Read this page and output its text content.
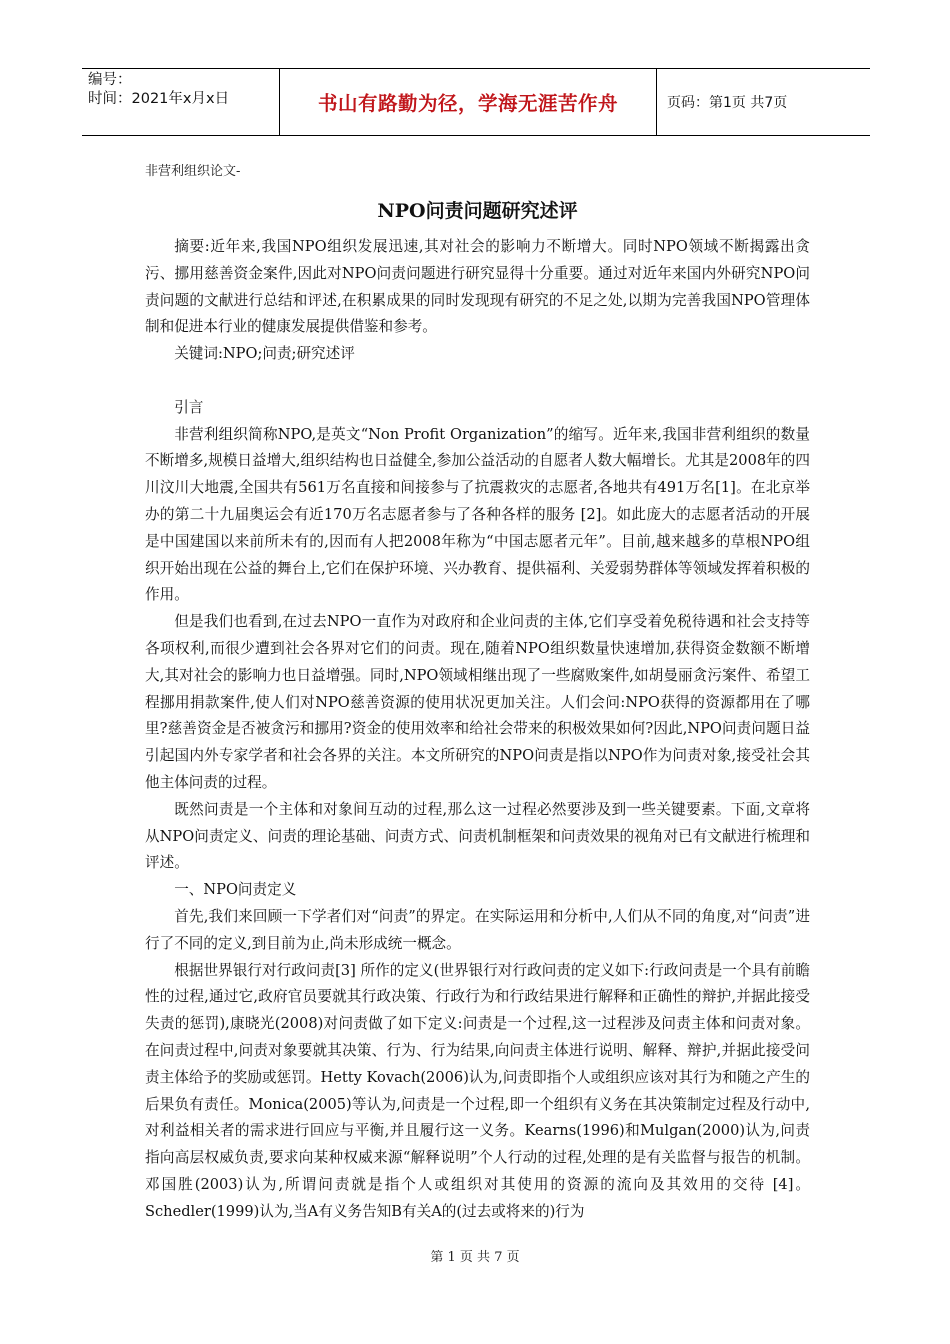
编号：
时间：2021年x月x日	书山有路勤为径，学海无涯苦作舟	页码：第1页 共7页
非营利组织论文-
NPO问责问题研究述评

摘要:近年来,我国NPO组织发展迅速,其对社会的影响力不断增大。同时NPO领域不断揭露出贪污、挪用慈善资金案件,因此对NPO问责问题进行研究显得十分重要。通过对近年来国内外研究NPO问责问题的文献进行总结和评述,在积累成果的同时发现现有研究的不足之处,以期为完善我国NPO管理体制和促进本行业的健康发展提供借鉴和参考。

关键词:NPO;问责;研究述评

引言

非营利组织简称NPO,是英文“Non Profit Organization”的缩写。近年来,我国非营利组织的数量不断增多,规模日益增大,组织结构也日益健全,参加公益活动的自愿者人数大幅增长。尤其是2008年的四川汶川大地震,全国共有561万名直接和间接参与了抗震救灾的志愿者,各地共有491万名[1]。在北京举办的第二十九届奥运会有近170万名志愿者参与了各种各样的服务 [2]。如此庞大的志愿者活动的开展是中国建国以来前所未有的,因而有人把2008年称为“中国志愿者元年”。目前,越来越多的草根NPO组织开始出现在公益的舞台上,它们在保护环境、兴办教育、提供福利、关爱弱势群体等领域发挥着积极的作用。

但是我们也看到,在过去NPO一直作为对政府和企业问责的主体,它们享受着免税待遇和社会支持等各项权利,而很少遭到社会各界对它们的问责。现在,随着NPO组织数量快速增加,获得资金数额不断增大,其对社会的影响力也日益增强。同时,NPO领域相继出现了一些腐败案件,如胡曼丽贪污案件、希望工程挪用捐款案件,使人们对NPO慈善资源的使用状况更加关注。人们会问:NPO获得的资源都用在了哪里?慈善资金是否被贪污和挪用?资金的使用效率和给社会带来的积极效果如何?因此,NPO问责问题日益引起国内外专家学者和社会各界的关注。本文所研究的NPO问责是指以NPO作为问责对象,接受社会其他主体问责的过程。

既然问责是一个主体和对象间互动的过程,那么这一过程必然要涉及到一些关键要素。下面,文章将从NPO问责定义、问责的理论基础、问责方式、问责机制框架和问责效果的视角对已有文献进行梳理和评述。

一、NPO问责定义

首先,我们来回顾一下学者们对“问责”的界定。在实际运用和分析中,人们从不同的角度,对“问责”进行了不同的定义,到目前为止,尚未形成统一概念。

根据世界银行对行政问责[3] 所作的定义(世界银行对行政问责的定义如下:行政问责是一个具有前瞻性的过程,通过它,政府官员要就其行政决策、行政行为和行政结果进行解释和正确性的辩护,并据此接受失责的惩罚),康晓光(2008)对问责做了如下定义:问责是一个过程,这一过程涉及问责主体和问责对象。在问责过程中,问责对象要就其决策、行为、行为结果,向问责主体进行说明、解释、辩护,并据此接受问责主体给予的奖励或惩罚。Hetty Kovach(2006)认为,问责即指个人或组织应该对其行为和随之产生的后果负有责任。Monica(2005)等认为,问责是一个过程,即一个组织有义务在其决策制定过程及行动中,对利益相关者的需求进行回应与平衡,并且履行这一义务。Kearns(1996)和Mulgan(2000)认为,问责指向高层权威负责,要求向某种权威来源“解释说明”个人行动的过程,处理的是有关监督与报告的机制。邓国胜(2003)认为,所谓问责就是指个人或组织对其使用的资源的流向及其效用的交待 [4]。Schedler(1999)认为,当A有义务告知B有关A的(过去或将来的)行为

第 1 页 共 7 页
